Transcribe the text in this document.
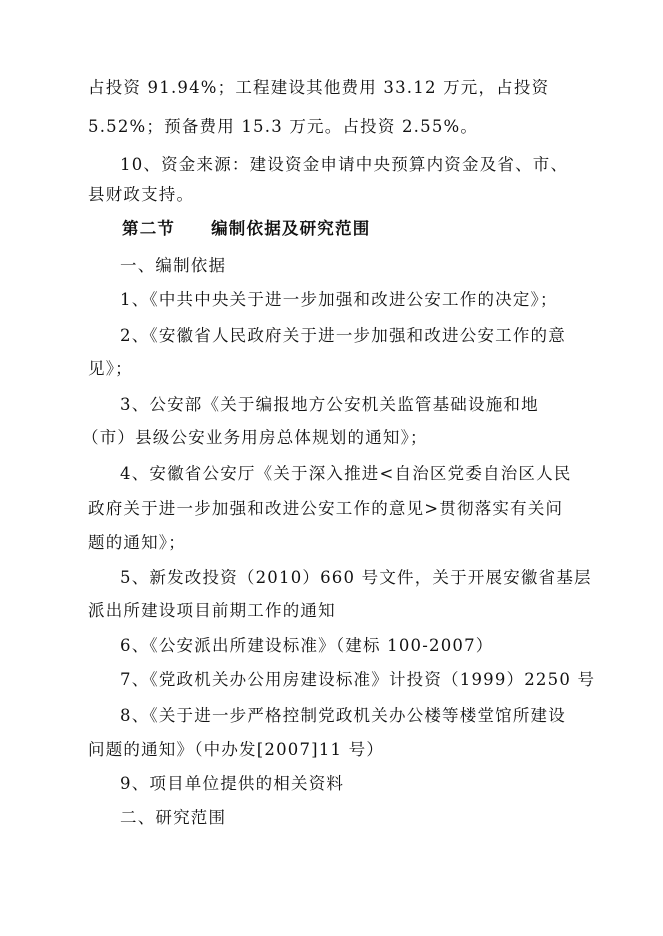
占投资 91.94%；工程建设其他费用 33.12 万元，占投资
5.52%；预备费用 15.3 万元。占投资 2.55%。
10、资金来源：建设资金申请中央预算内资金及省、市、
县财政支持。
第二节 编制依据及研究范围
一、编制依据
1、《中共中央关于进一步加强和改进公安工作的决定》；
2、《安徽省人民政府关于进一步加强和改进公安工作的意
见》；
3、公安部《关于编报地方公安机关监管基础设施和地
（市）县级公安业务用房总体规划的通知》；
4、安徽省公安厅《关于深入推进<自治区党委自治区人民
政府关于进一步加强和改进公安工作的意见>贯彻落实有关问
题的通知》；
5、新发改投资（2010）660 号文件，关于开展安徽省基层
派出所建设项目前期工作的通知
6、《公安派出所建设标准》（建标 100-2007）
7、《党政机关办公用房建设标准》计投资（1999）2250 号
8、《关于进一步严格控制党政机关办公楼等楼堂馆所建设
问题的通知》（中办发[2007]11 号）
9、项目单位提供的相关资料
二、研究范围
